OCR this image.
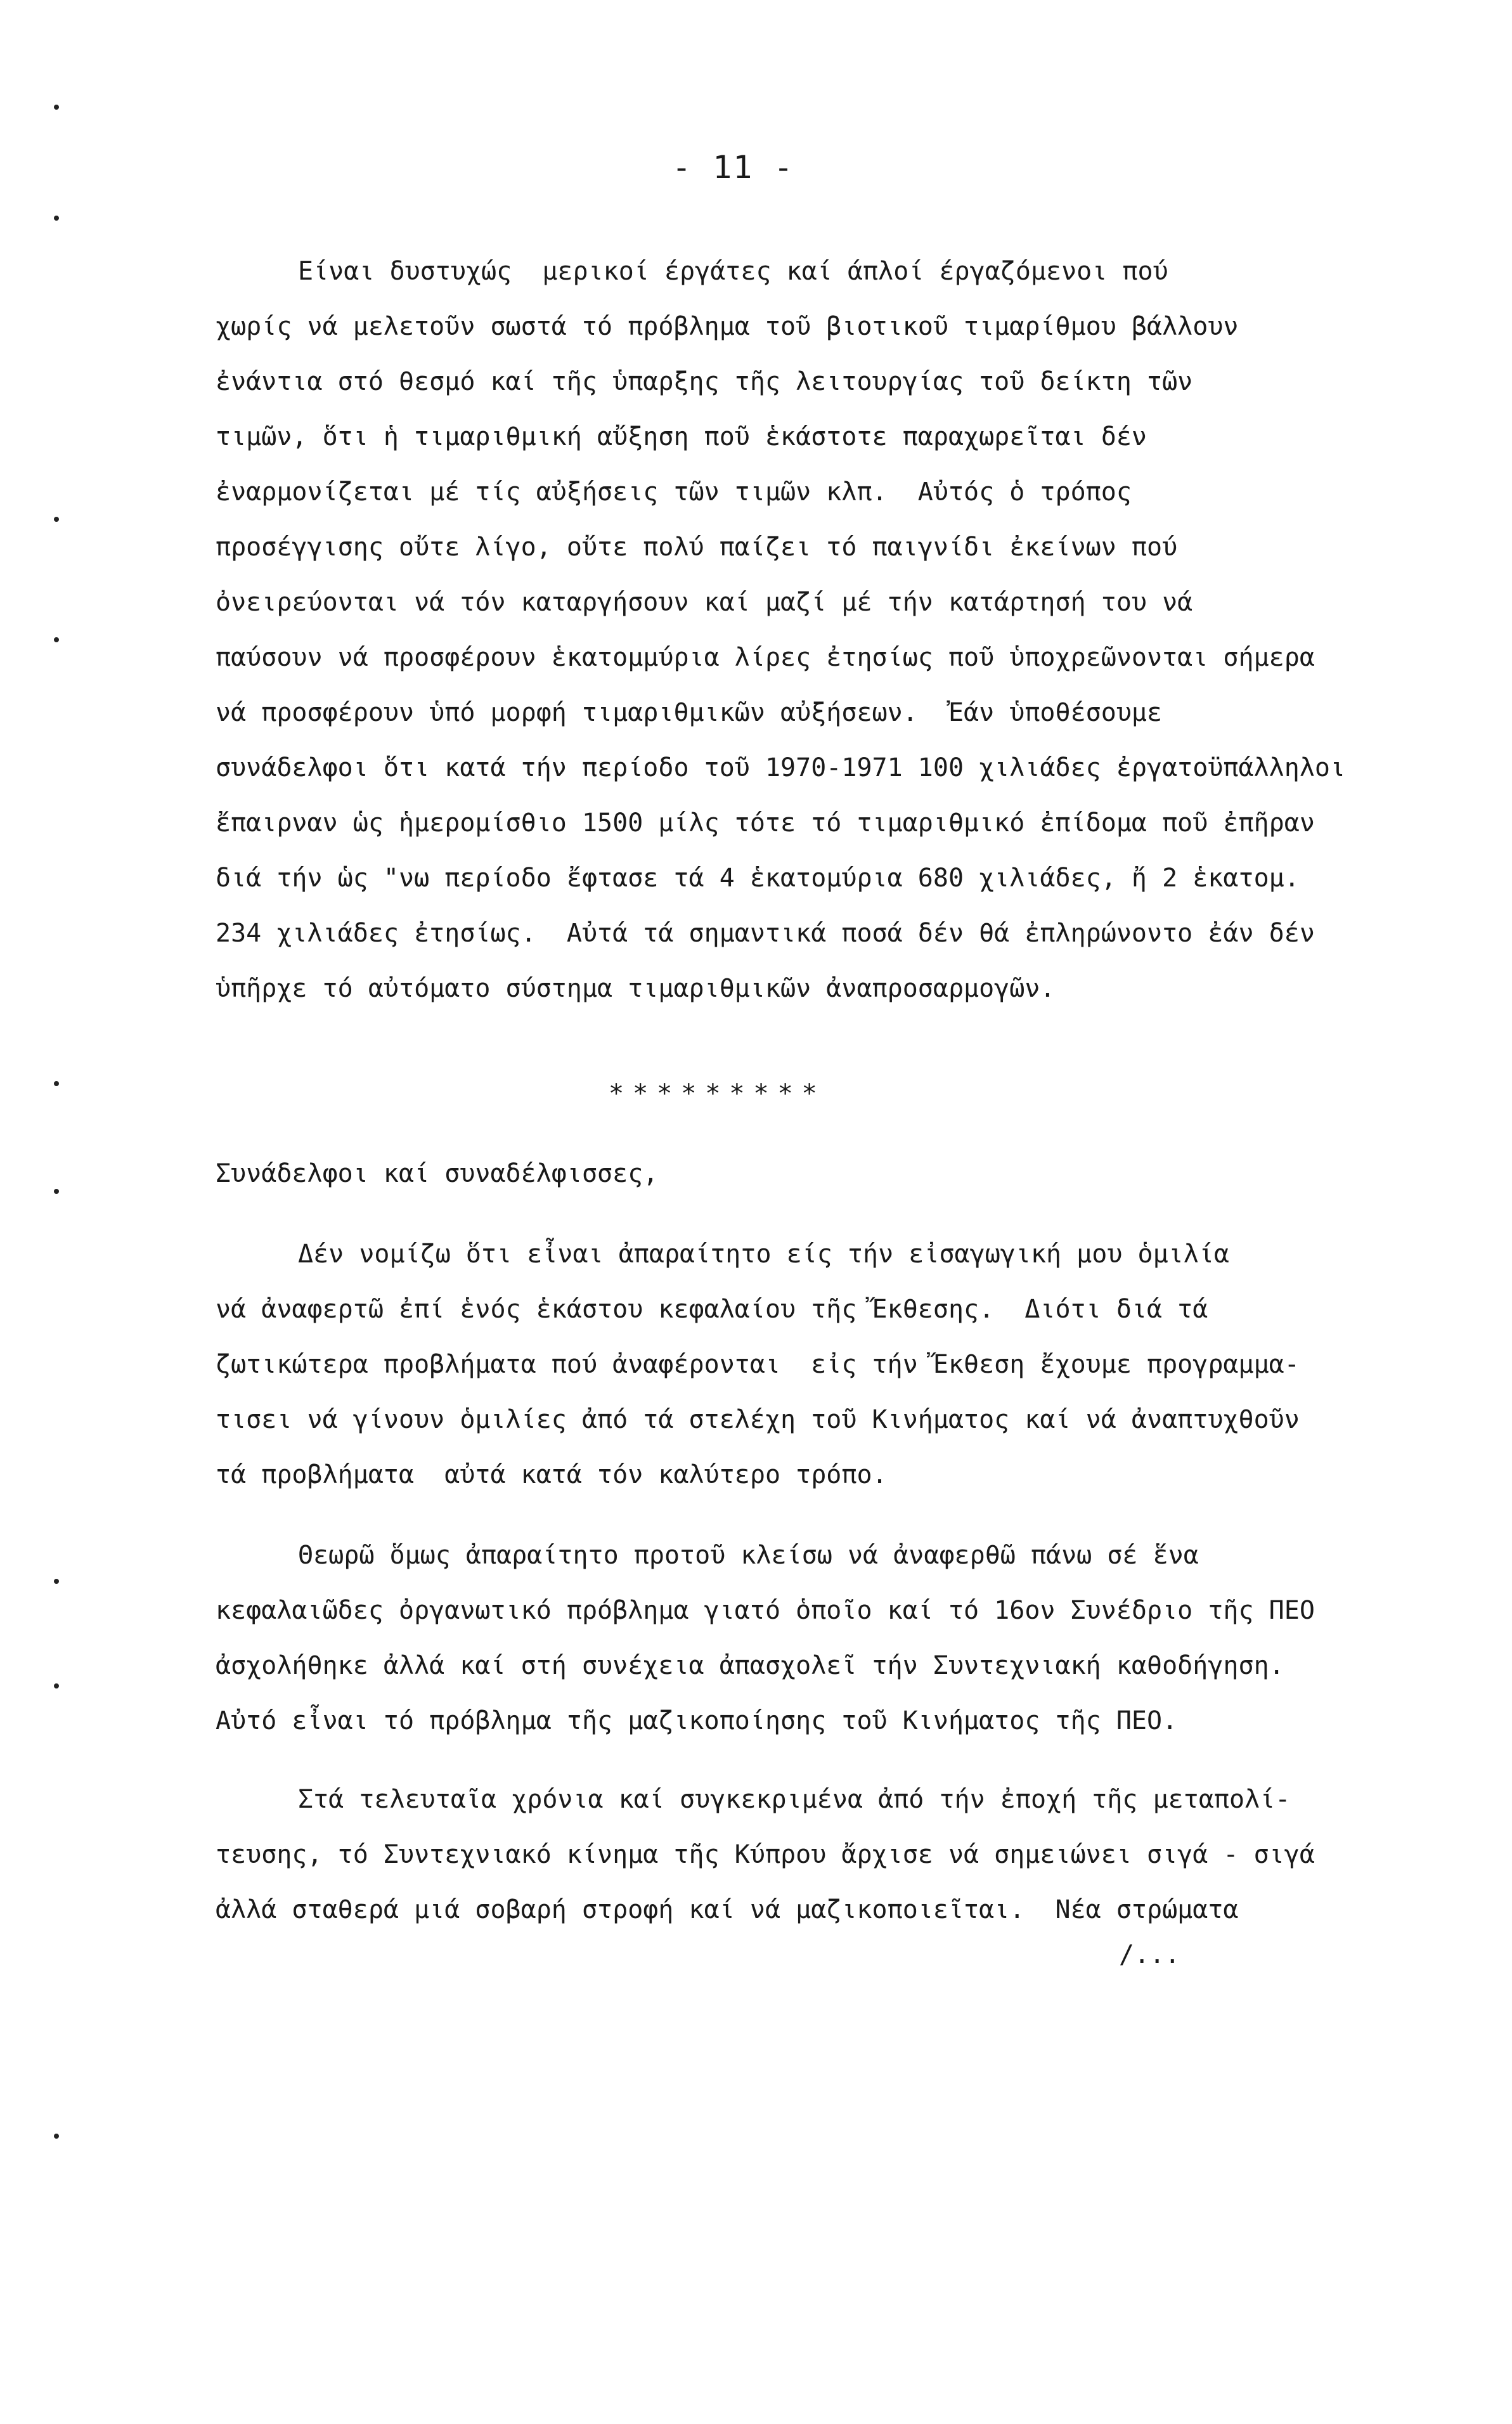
- 11 -
Είναι δυστυχώς  μερικοί έργάτες καί άπλοί έργαζόμενοι πού
χωρίς νά μελετοῦν σωστά τό πρόβλημα τοῦ βιοτικοῦ τιμαρίθμου βάλλουν
ἐνάντια στό θεσμό καί τῆς ὑπαρξης τῆς λειτουργίας τοῦ δείκτη τῶν
τιμῶν, ὅτι ἡ τιμαριθμική αὔξηση ποῦ ἑκάστοτε παραχωρεῖται δέν
ἐναρμονίζεται μέ τίς αὐξήσεις τῶν τιμῶν κλπ.  Αὐτός ὁ τρόπος
προσέγγισης οὔτε λίγο, οὔτε πολύ παίζει τό παιγνίδι ἐκείνων πού
ὀνειρεύονται νά τόν καταργήσουν καί μαζί μέ τήν κατάρτησή του νά
παύσουν νά προσφέρουν ἑκατομμύρια λίρες ἐτησίως ποῦ ὑποχρεῶνονται σήμερα
νά προσφέρουν ὑπό μορφή τιμαριθμικῶν αὐξήσεων.  Ἐάν ὑποθέσουμε
συνάδελφοι ὅτι κατά τήν περίοδο τοῦ 1970-1971 100 χιλιάδες ἐργατοϋπάλληλοι
ἔπαιρναν ὡς ἡμερομίσθιο 1500 μίλς τότε τό τιμαριθμικό ἐπίδομα ποῦ ἐπῆραν
διά τήν ὡς "νω περίοδο ἔφτασε τά 4 ἑκατομύρια 680 χιλιάδες, ἤ 2 ἑκατομ.
234 χιλιάδες ἐτησίως.  Αὐτά τά σημαντικά ποσά δέν θά ἐπληρώνοντο ἐάν δέν
ὑπῆρχε τό αὐτόματο σύστημα τιμαριθμικῶν ἀναπροσαρμογῶν.
*********
Συνάδελφοι καί συναδέλφισσες,
Δέν νομίζω ὅτι εἶναι ἀπαραίτητο είς τήν εἰσαγωγική μου ὁμιλία
νά ἀναφερτῶ ἐπί ἑνός ἑκάστου κεφαλαίου τῆς Ἔκθεσης.  Διότι διά τά
ζωτικώτερα προβλήματα πού ἀναφέρονται  εἰς τήν Ἔκθεση ἔχουμε προγραμμα-
τισει νά γίνουν ὁμιλίες ἀπό τά στελέχη τοῦ Κινήματος καί νά ἀναπτυχθοῦν
τά προβλήματα  αὐτά κατά τόν καλύτερο τρόπο.
Θεωρῶ ὅμως ἀπαραίτητο προτοῦ κλείσω νά ἀναφερθῶ πάνω σέ ἕνα
κεφαλαιῶδες ὀργανωτικό πρόβλημα γιατό ὁποῖο καί τό 16ον Συνέδριο τῆς ΠΕΟ
ἀσχολήθηκε ἀλλά καί στή συνέχεια ἀπασχολεῖ τήν Συντεχνιακή καθοδήγηση.
Αὐτό εἶναι τό πρόβλημα τῆς μαζικοποίησης τοῦ Κινήματος τῆς ΠΕΟ.
Στά τελευταῖα χρόνια καί συγκεκριμένα ἀπό τήν ἐποχή τῆς μεταπολί-
τευσης, τό Συντεχνιακό κίνημα τῆς Κύπρου ἄρχισε νά σημειώνει σιγά - σιγά
ἀλλά σταθερά μιά σοβαρή στροφή καί νά μαζικοποιεῖται.  Νέα στρώματα
/...
